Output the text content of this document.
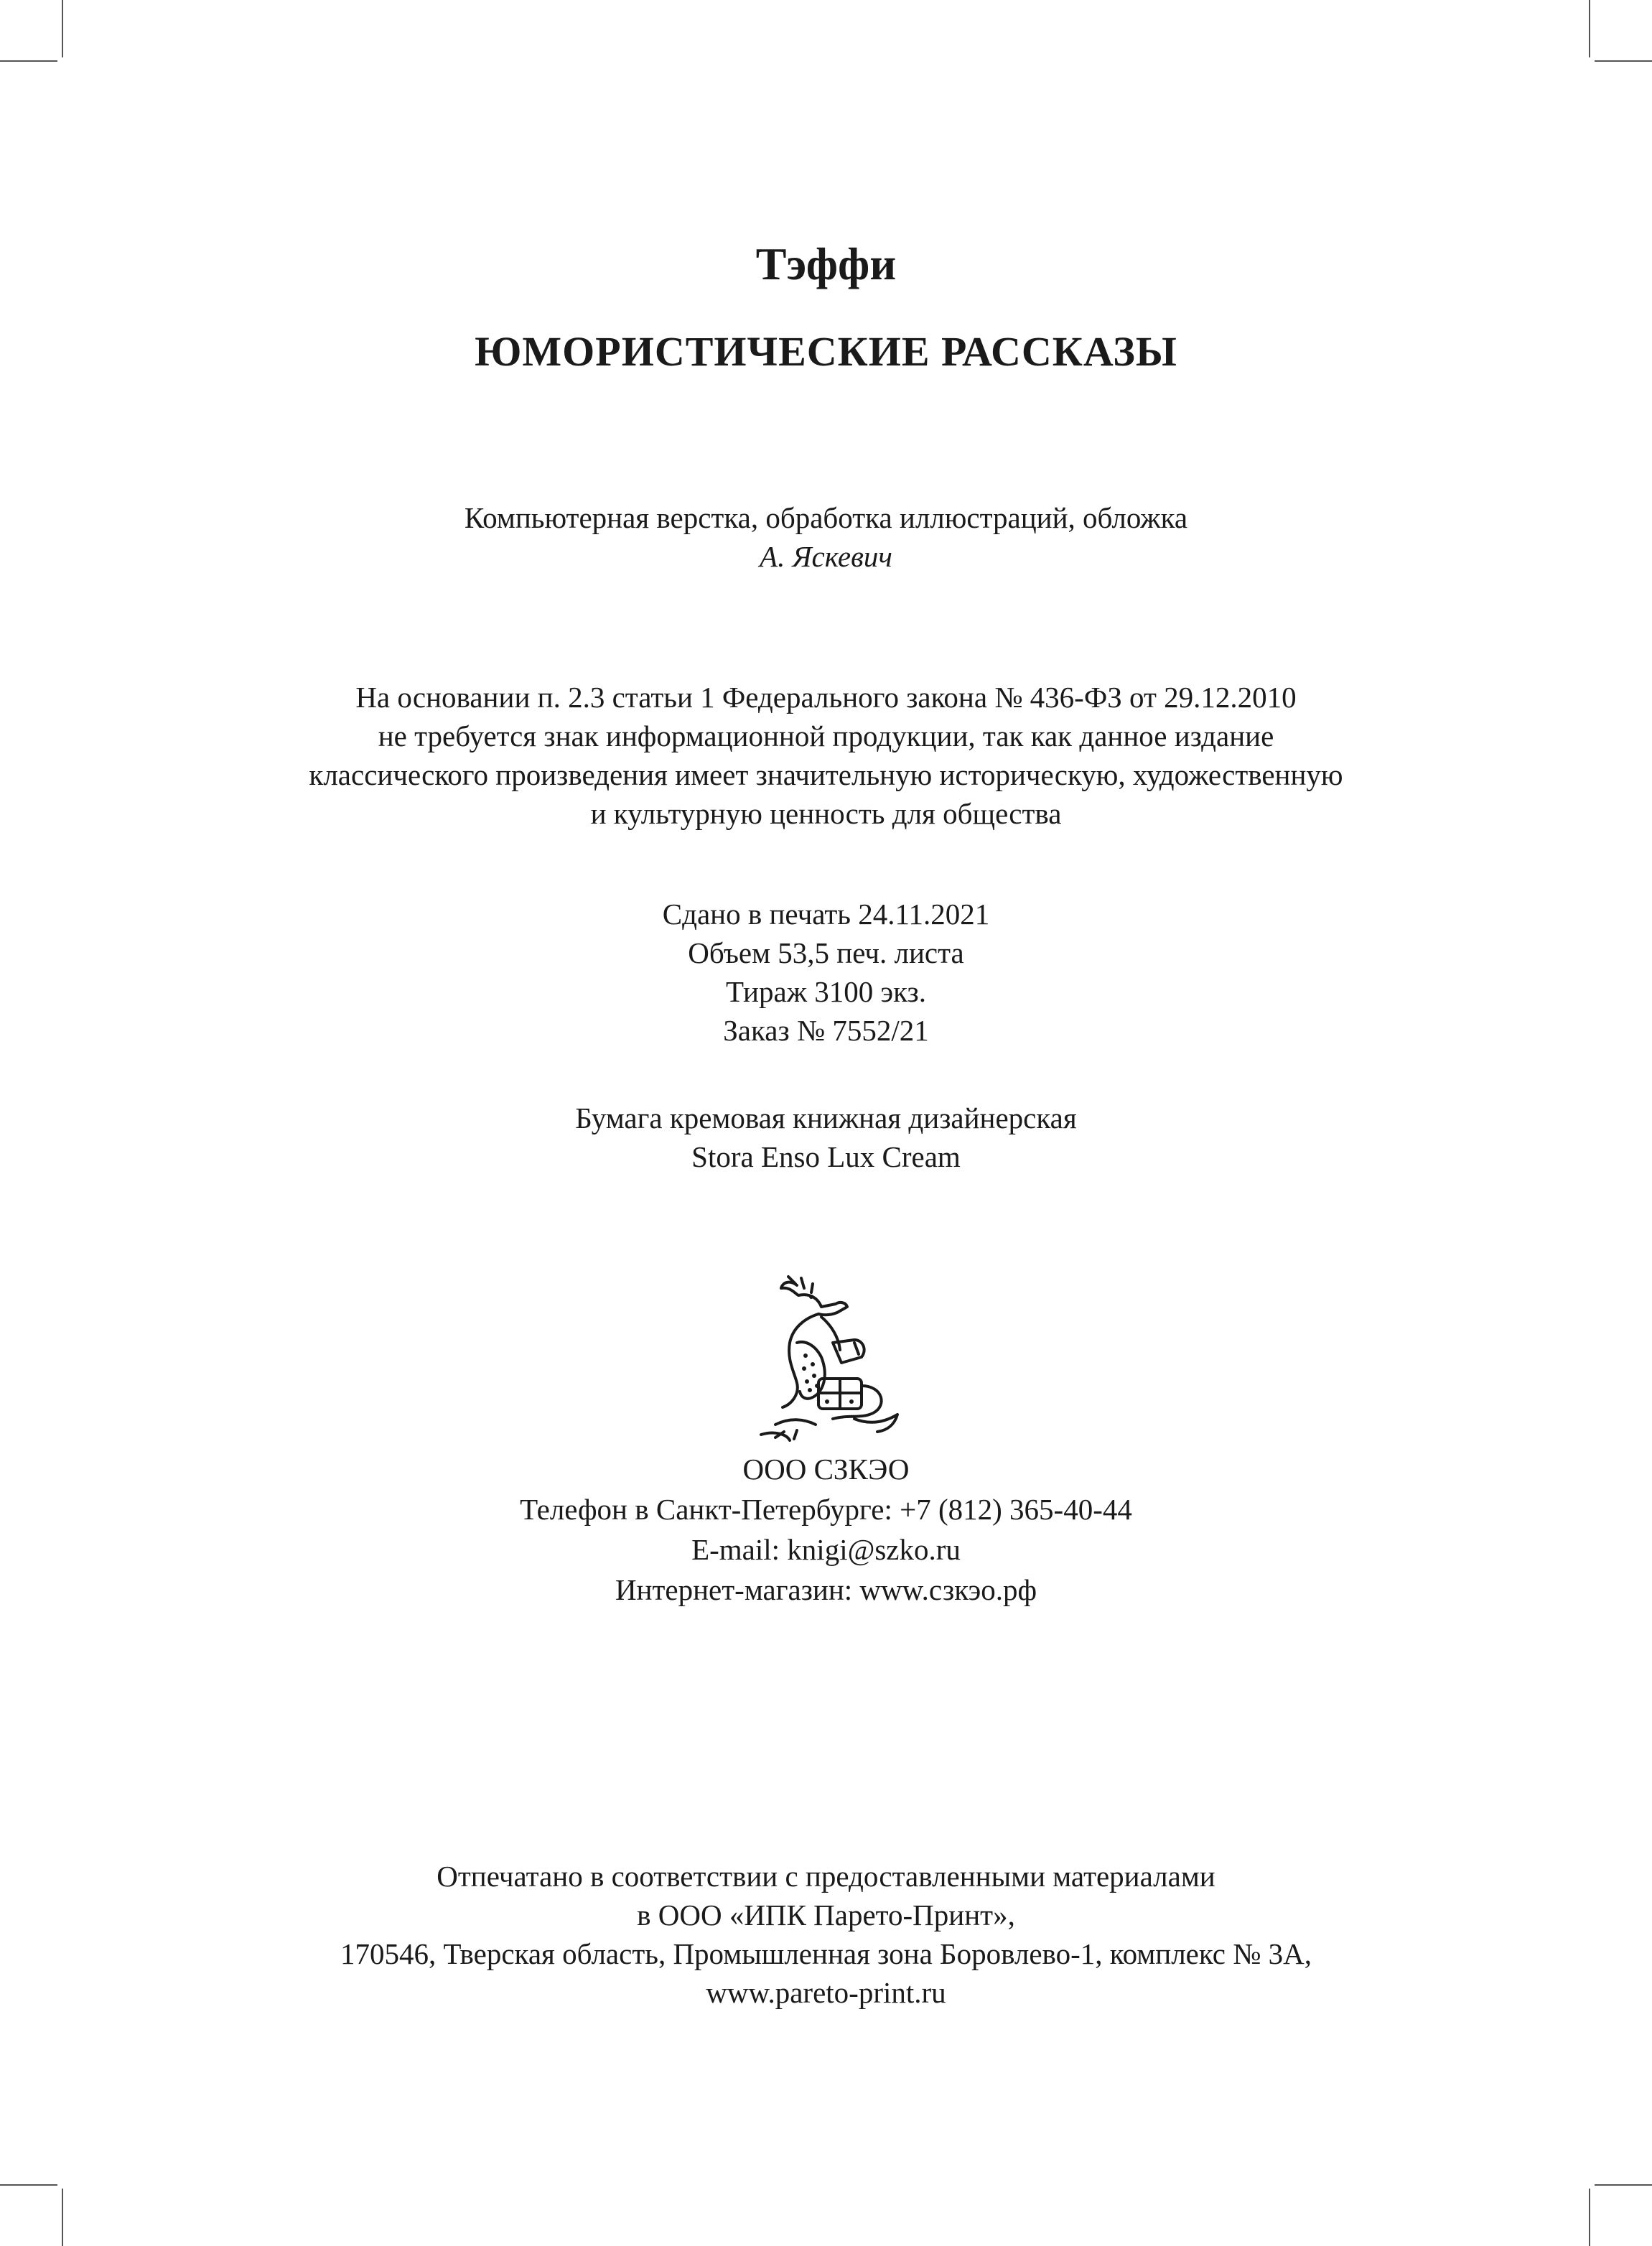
Тэффи
ЮМОРИСТИЧЕСКИЕ РАССКАЗЫ
Компьютерная верстка, обработка иллюстраций, обложка
А. Яскевич
На основании п. 2.3 статьи 1 Федерального закона № 436-ФЗ от 29.12.2010
не требуется знак информационной продукции, так как данное издание
классического произведения имеет значительную историческую, художественную
и культурную ценность для общества
Сдано в печать 24.11.2021
Объем 53,5 печ. листа
Тираж 3100 экз.
Заказ № 7552/21
Бумага кремовая книжная дизайнерская
Stora Enso Lux Cream
ООО СЗКЭО
Телефон в Санкт-Петербурге: +7 (812) 365-40-44
E-mail: knigi@szko.ru
Интернет-магазин: www.сзкэо.рф
Отпечатано в соответствии с предоставленными материалами
в ООО «ИПК Парето-Принт»,
170546, Тверская область, Промышленная зона Боровлево-1, комплекс № 3А,
www.pareto-print.ru
